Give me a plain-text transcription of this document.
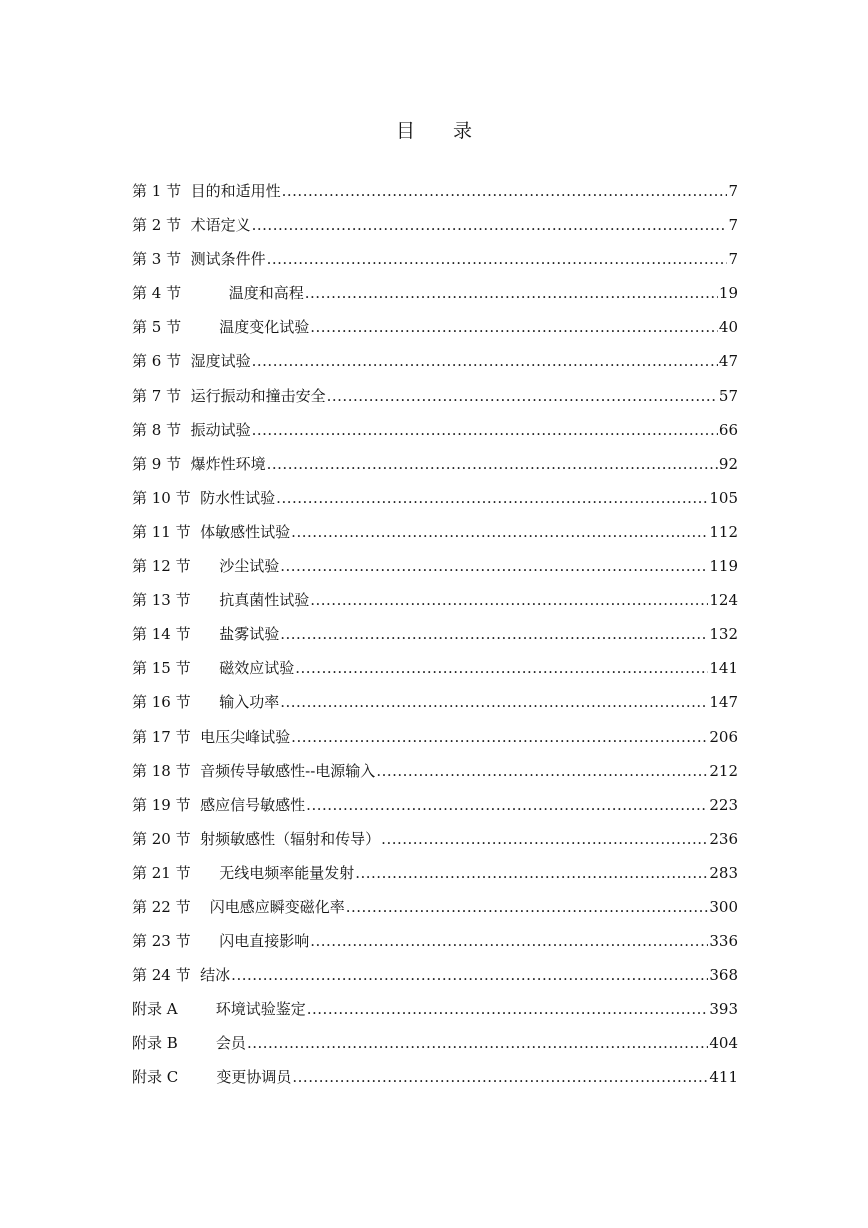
目　　录
第 1 节  目的和适用性 .....	7
第 2 节  术语定义 .....	7
第 3 节  测试条件件 .....	7
第 4 节          温度和高程 .....	19
第 5 节        温度变化试验 .....	40
第 6 节  湿度试验 .....	47
第 7 节  运行振动和撞击安全 .....	57
第 8 节  振动试验 .....	66
第 9 节  爆炸性环境 .....	92
第 10 节  防水性试验 .....	105
第 11 节  体敏感性试验 .....	112
第 12 节      沙尘试验 .....	119
第 13 节      抗真菌性试验 .....	124
第 14 节      盐雾试验 .....	132
第 15 节      磁效应试验 .....	141
第 16 节      输入功率 .....	147
第 17 节  电压尖峰试验 .....	206
第 18 节  音频传导敏感性--电源输入 .....	212
第 19 节  感应信号敏感性 .....	223
第 20 节  射频敏感性（辐射和传导） .....	236
第 21 节      无线电频率能量发射 .....	283
第 22 节    闪电感应瞬变磁化率 .....	300
第 23 节      闪电直接影响 .....	336
第 24 节  结冰 .....	368
附录 A        环境试验鉴定 .....	393
附录 B        会员 .....	404
附录 C        变更协调员 .....	411
